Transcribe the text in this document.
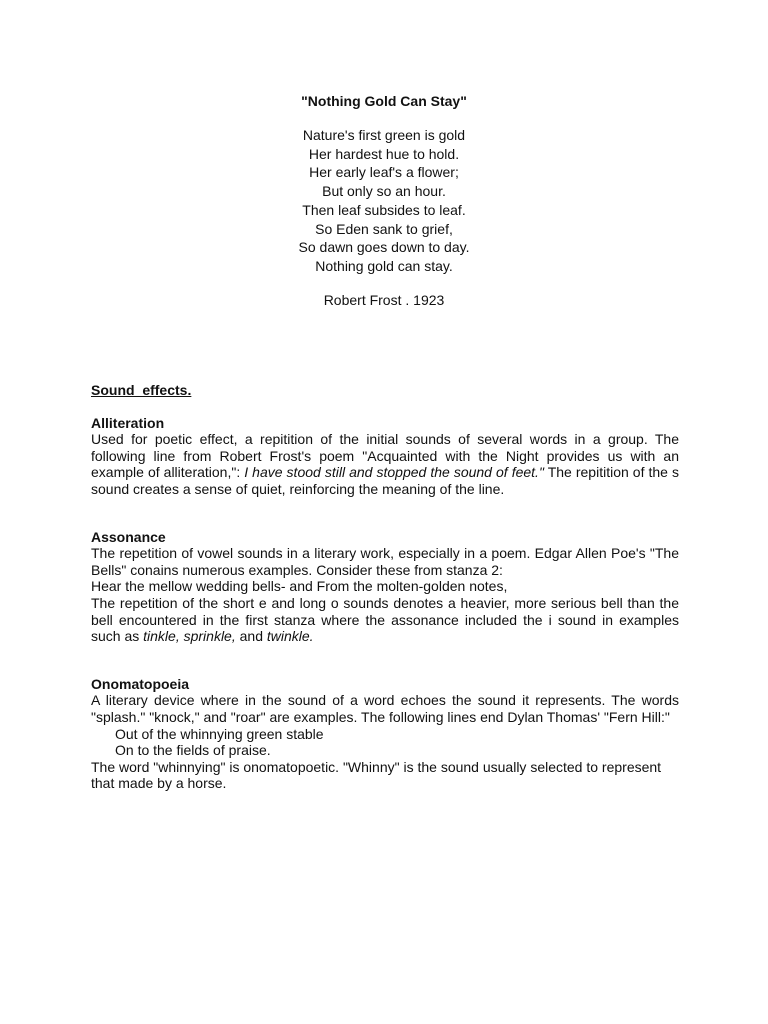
"Nothing Gold Can Stay"

Nature's first green is gold
Her hardest hue to hold.
Her early leaf's a flower;
But only so an hour.
Then leaf subsides to leaf.
So Eden sank to grief,
So dawn goes down to day.
Nothing gold can stay.

Robert Frost . 1923

Sound  effects.

Alliteration

Used for poetic effect, a repitition of the initial sounds of several words in a group. The following line from Robert Frost's poem "Acquainted with the Night provides us with an example of alliteration,": I have stood still and stopped the sound of feet." The repitition of the s sound creates a sense of quiet, reinforcing the meaning of the line.

Assonance

The repetition of vowel sounds in a literary work, especially in a poem. Edgar Allen Poe's "The Bells" conains numerous examples. Consider these from stanza 2:

Hear the mellow wedding bells- and From the molten-golden notes,

The repetition of the short e and long o sounds denotes a heavier, more serious bell than the bell encountered in the first stanza where the assonance included the i sound in examples such as tinkle, sprinkle, and twinkle.

Onomatopoeia

A literary device where in the sound of a word echoes the sound it represents. The words "splash." "knock," and "roar" are examples. The following lines end Dylan Thomas' "Fern Hill:"

Out of the whinnying green stable

On to the fields of praise.

The word "whinnying" is onomatopoetic. "Whinny" is the sound usually selected to represent that made by a horse.
